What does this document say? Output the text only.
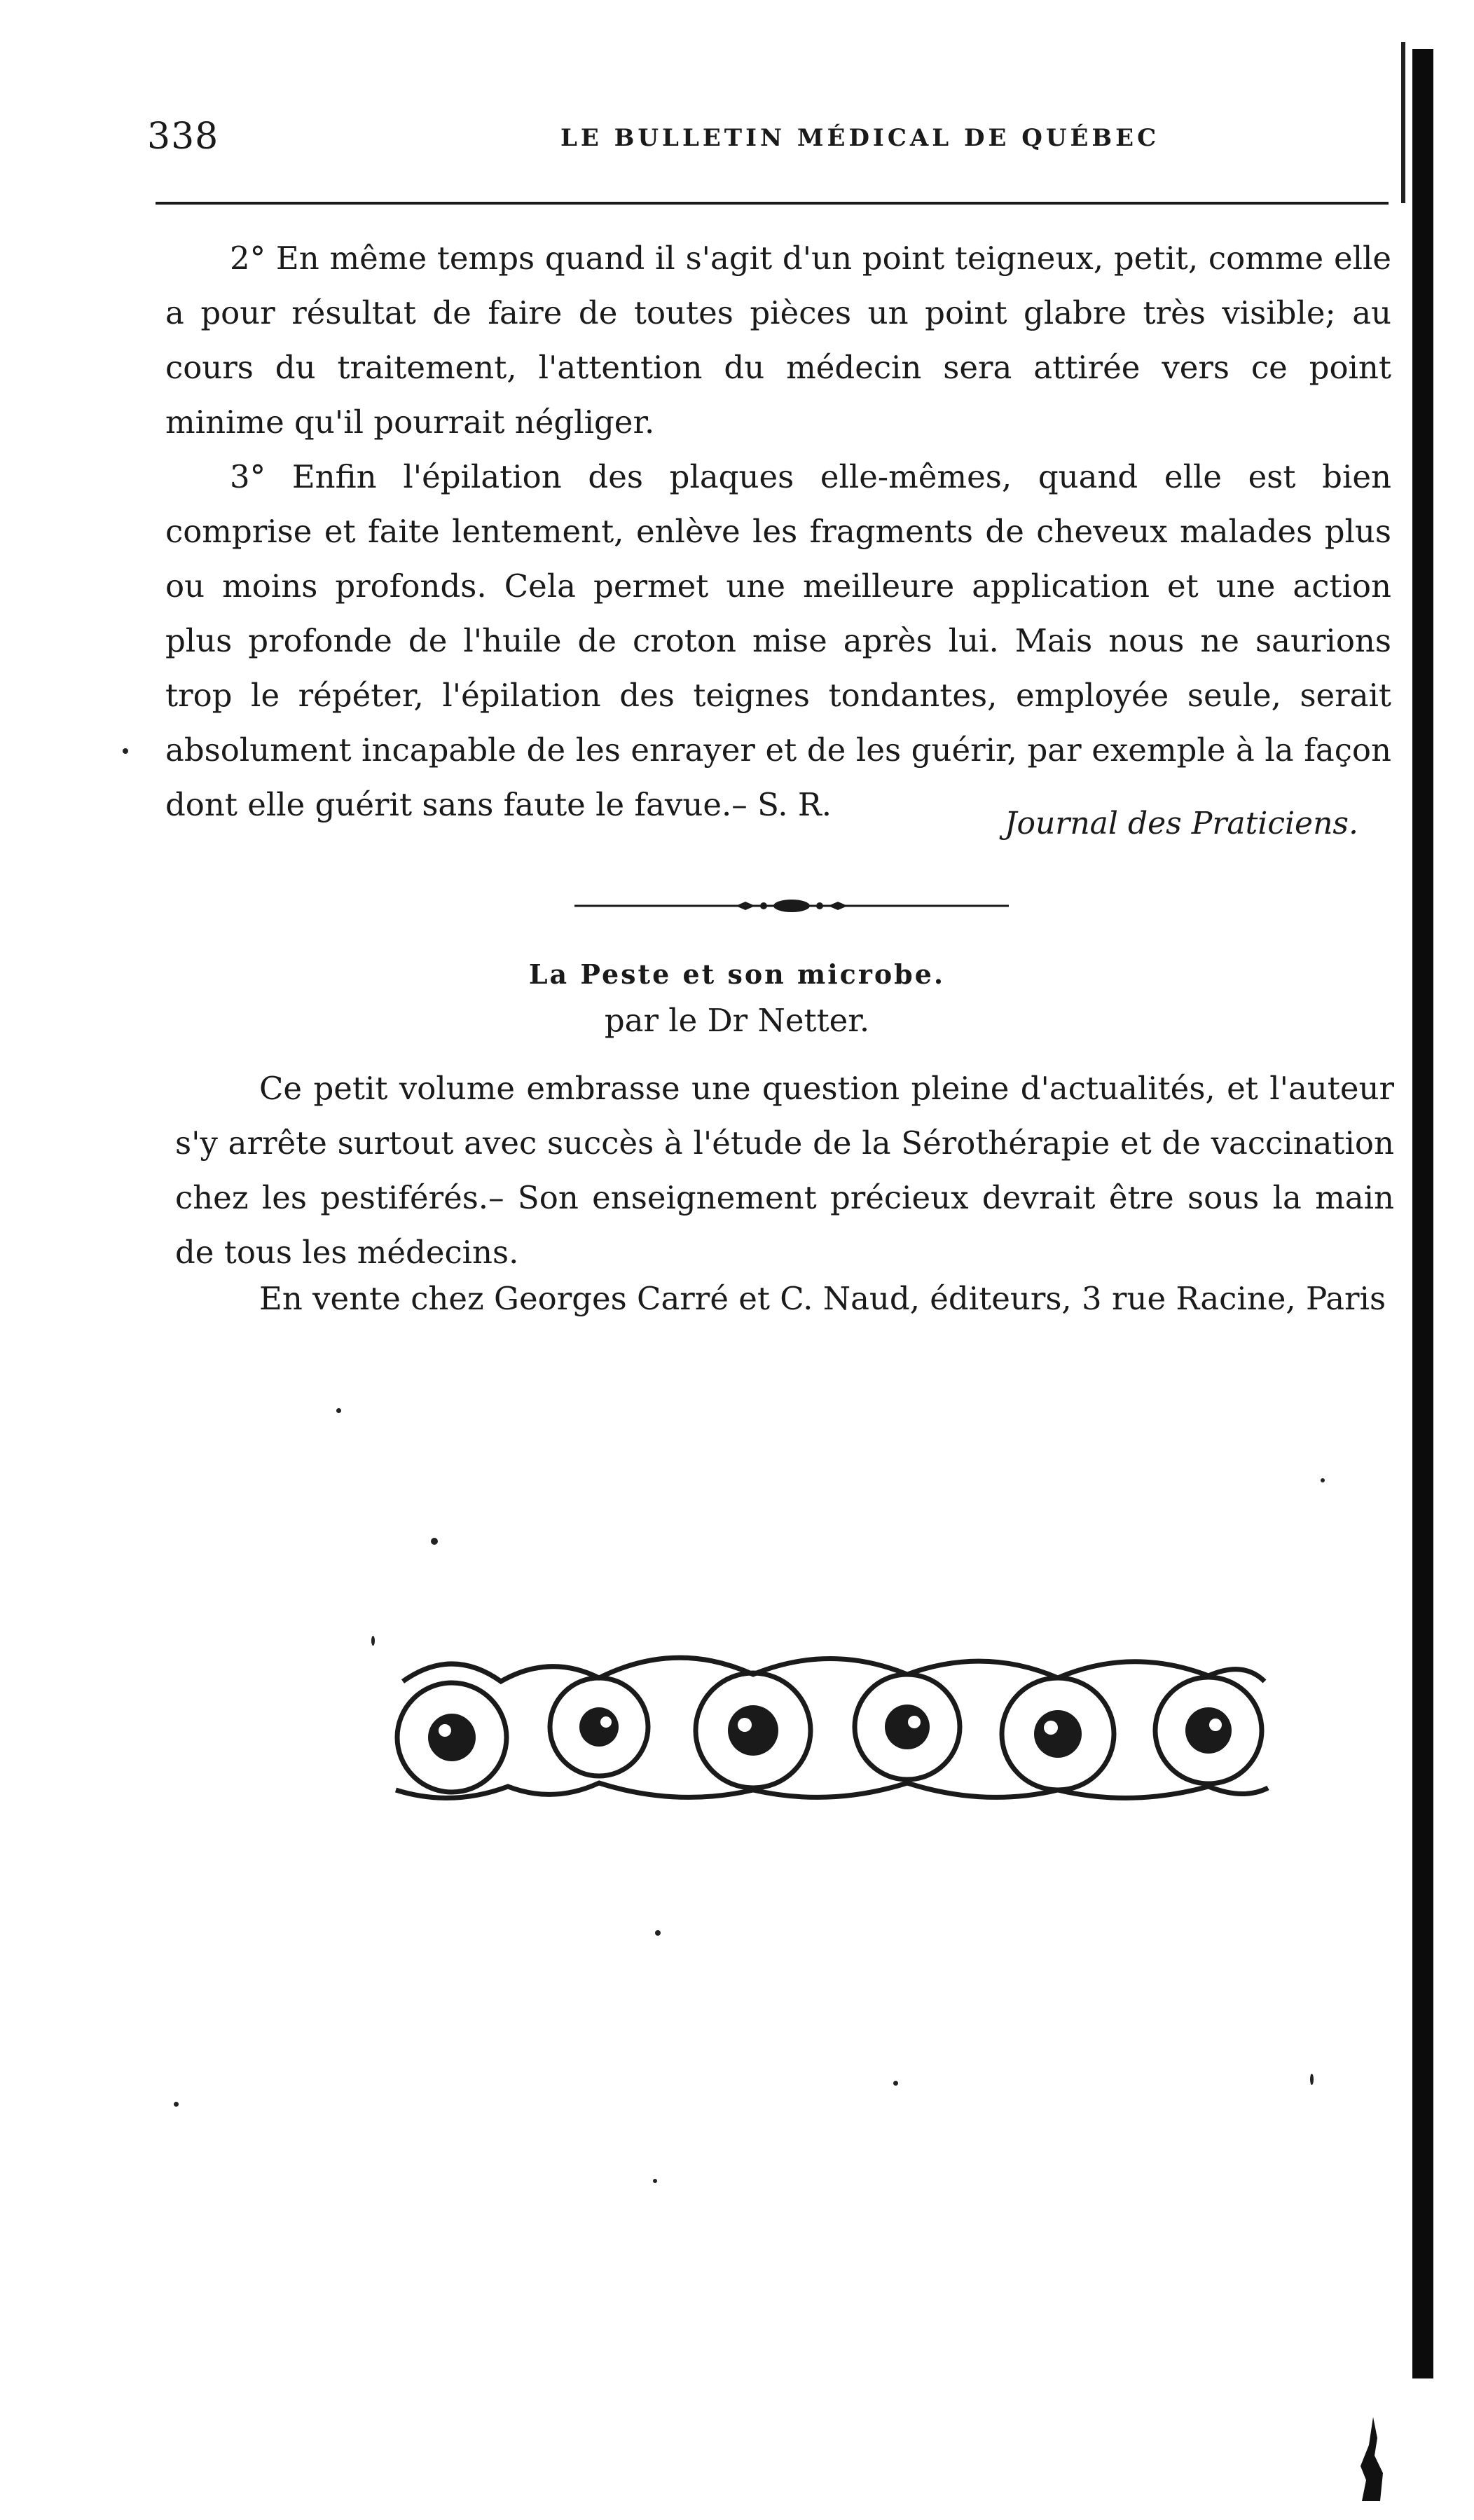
338	LE BULLETIN MÉDICAL DE QUÉBEC

2° En même temps quand il s'agit d'un point teigneux, petit, comme elle a pour résultat de faire de toutes pièces un point glabre très visible; au cours du traitement, l'attention du médecin sera attirée vers ce point minime qu'il pourrait négliger.

3° Enfin l'épilation des plaques elle-mêmes, quand elle est bien comprise et faite lentement, enlève les fragments de cheveux malades plus ou moins profonds. Cela permet une meilleure application et une action plus profonde de l'huile de croton mise après lui. Mais nous ne saurions trop le répéter, l'épilation des teignes tondantes, employée seule, serait absolument incapable de les enrayer et de les guérir, par exemple à la façon dont elle guérit sans faute le favue.– S. R.

Journal des Praticiens.
La Peste et son microbe.
par le Dr Netter.

Ce petit volume embrasse une question pleine d'actualités, et l'auteur s'y arrête surtout avec succès à l'étude de la Sérothérapie et de vaccination chez les pestiférés.– Son enseignement précieux devrait être sous la main de tous les médecins.

En vente chez Georges Carré et C. Naud, éditeurs, 3 rue Racine, Paris
